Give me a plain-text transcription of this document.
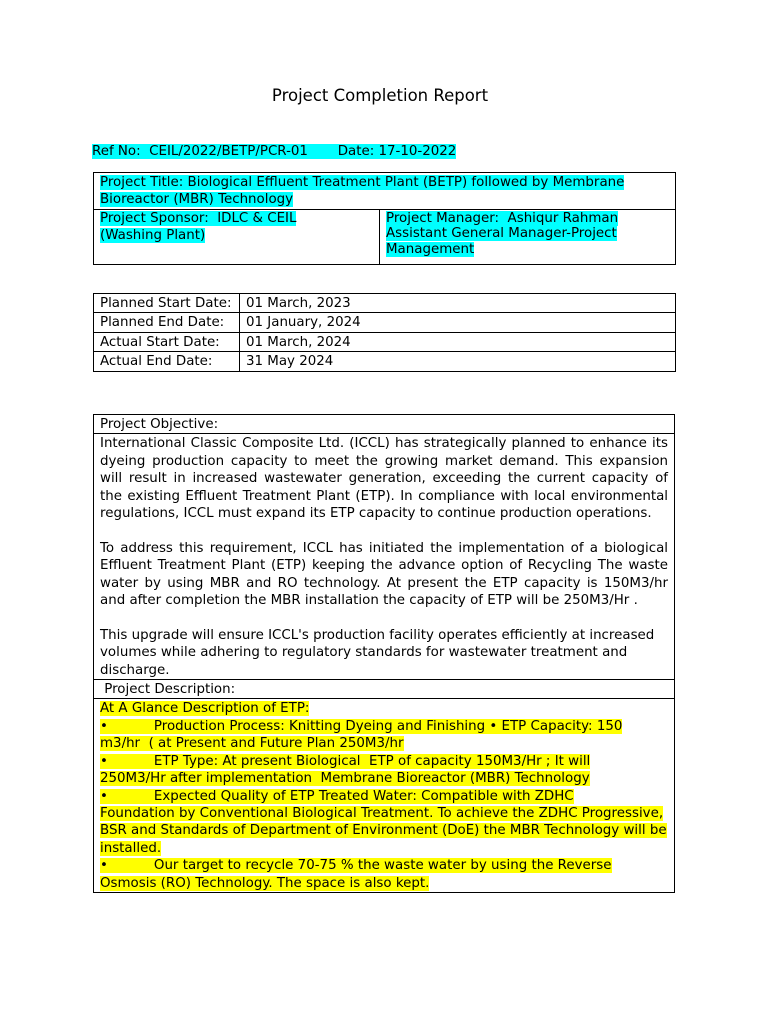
Project Completion Report
Ref No:  CEIL/2022/BETP/PCR-01       Date: 17-10-2022
Project Title: Biological Effluent Treatment Plant (BETP) followed by Membrane Bioreactor (MBR) Technology
Project Sponsor:  IDLC & CEIL
(Washing Plant)	Project Manager:  Ashiqur Rahman
Assistant General Manager-Project
Management
Planned Start Date:	01 March, 2023
Planned End Date:	01 January, 2024
Actual Start Date:	01 March, 2024
Actual End Date:	31 May 2024
Project Objective:

International Classic Composite Ltd. (ICCL) has strategically planned to enhance its dyeing production capacity to meet the growing market demand. This expansion will result in increased wastewater generation, exceeding the current capacity of the existing Effluent Treatment Plant (ETP). In compliance with local environmental regulations, ICCL must expand its ETP capacity to continue production operations.

To address this requirement, ICCL has initiated the implementation of a biological Effluent Treatment Plant (ETP) keeping the advance option of Recycling The waste water by using MBR and RO technology. At present the ETP capacity is 150M3/hr and after completion the MBR installation the capacity of ETP will be 250M3/Hr .

This upgrade will ensure ICCL's production facility operates efficiently at increased volumes while adhering to regulatory standards for wastewater treatment and discharge.

Project Description:
At A Glance Description of ETP:
•	Production Process: Knitting Dyeing and Finishing • ETP Capacity: 150
m3/hr  ( at Present and Future Plan 250M3/hr
•	ETP Type: At present Biological  ETP of capacity 150M3/Hr ; It will
250M3/Hr after implementation  Membrane Bioreactor (MBR) Technology
•	Expected Quality of ETP Treated Water: Compatible with ZDHC
Foundation by Conventional Biological Treatment. To achieve the ZDHC Progressive, BSR and Standards of Department of Environment (DoE) the MBR Technology will be installed.
•	Our target to recycle 70-75 % the waste water by using the Reverse
Osmosis (RO) Technology. The space is also kept.
